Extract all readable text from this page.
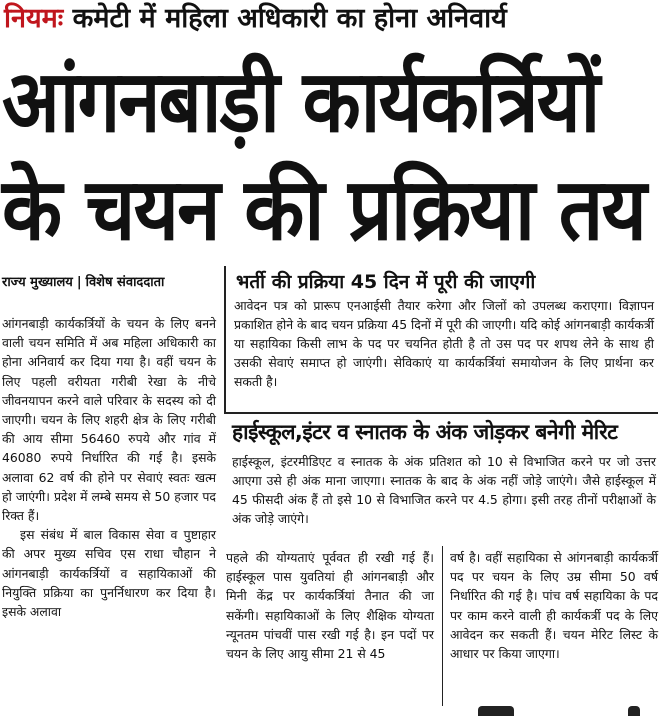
नियमः कमेटी में महिला अधिकारी का होना अनिवार्य
आंगनबाड़ी कार्यकर्त्रियों
के चयन की प्रक्रिया तय
राज्य मुख्यालय | विशेष संवाददाता

आंगनबाड़ी कार्यकर्त्रियों के चयन के लिए बनने वाली चयन समिति में अब महिला अधिकारी का होना अनिवार्य कर दिया गया है। वहीं चयन के लिए पहली वरीयता गरीबी रेखा के नीचे जीवनयापन करने वाले परिवार के सदस्य को दी जाएगी। चयन के लिए शहरी क्षेत्र के लिए गरीबी की आय सीमा 56460 रुपये और गांव में 46080 रुपये निर्धारित की गई है। इसके अलावा 62 वर्ष की होने पर सेवाएं स्वतः खत्म हो जाएंगी। प्रदेश में लम्बे समय से 50 हजार पद रिक्त हैं।

इस संबंध में बाल विकास सेवा व पुष्टाहार की अपर मुख्य सचिव एस राधा चौहान ने आंगनबाड़ी कार्यकर्त्रियों व सहायिकाओं की नियुक्ति प्रक्रिया का पुनर्निधारण कर दिया है। इसके अलावा

भर्ती की प्रक्रिया 45 दिन में पूरी की जाएगी
आवेदन पत्र को प्रारूप एनआईसी तैयार करेगा और जिलों को उपलब्ध कराएगा। विज्ञापन प्रकाशित होने के बाद चयन प्रक्रिया 45 दिनों में पूरी की जाएगी। यदि कोई आंगनबाड़ी कार्यकर्त्री या सहायिका किसी लाभ के पद पर चयनित होती है तो उस पद पर शपथ लेने के साथ ही उसकी सेवाएं समाप्त हो जाएंगी। सेविकाएं या कार्यकर्त्रियां समायोजन के लिए प्रार्थना कर सकती है।
हाईस्कूल,इंटर व स्नातक के अंक जोड़कर बनेगी मेरिट
हाईस्कूल, इंटरमीडिएट व स्नातक के अंक प्रतिशत को 10 से विभाजित करने पर जो उत्तर आएगा उसे ही अंक माना जाएगा। स्नातक के बाद के अंक नहीं जोड़े जाएंगे। जैसे हाईस्कूल में 45 फीसदी अंक हैं तो इसे 10 से विभाजित करने पर 4.5 होगा। इसी तरह तीनों परीक्षाओं के अंक जोड़े जाएंगे।
पहले की योग्यताएं पूर्ववत ही रखी गई हैं। हाईस्कूल पास युवतियां ही आंगनबाड़ी और मिनी केंद्र पर कार्यकर्त्रियां तैनात की जा सकेंगी। सहायिकाओं के लिए शैक्षिक योग्यता न्यूनतम पांचवीं पास रखी गई है। इन पदों पर चयन के लिए आयु सीमा 21 से 45
वर्ष है। वहीं सहायिका से आंगनबाड़ी कार्यकर्त्री पद पर चयन के लिए उम्र सीमा 50 वर्ष निर्धारित की गई है। पांच वर्ष सहायिका के पद पर काम करने वाली ही कार्यकर्त्री पद के लिए आवेदन कर सकती हैं। चयन मेरिट लिस्ट के आधार पर किया जाएगा।
